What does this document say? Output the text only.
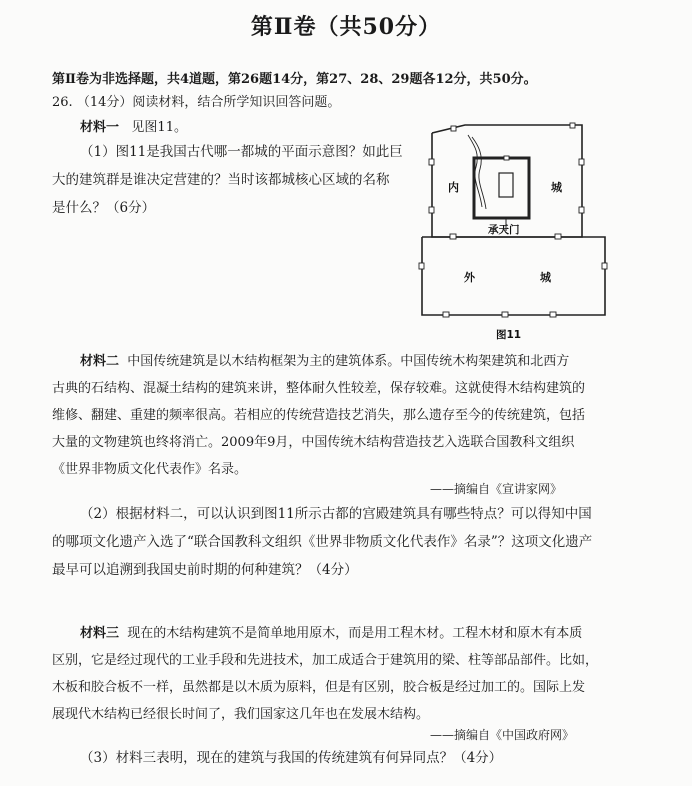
第Ⅱ卷（共50分）
第Ⅱ卷为非选择题，共4道题，第26题14分，第27、28、29题各12分，共50分。
26. （14分）阅读材料，结合所学知识回答问题。
材料一 见图11。
（1）图11是我国古代哪一都城的平面示意图？如此巨
大的建筑群是谁决定营建的？当时该都城核心区域的名称
是什么？（6分）
内	城
承天门
外	城
图11
材料二 中国传统建筑是以木结构框架为主的建筑体系。中国传统木构架建筑和北西方
古典的石结构、混凝土结构的建筑来讲，整体耐久性较差，保存较难。这就使得木结构建筑的
维修、翻建、重建的频率很高。若相应的传统营造技艺消失，那么遗存至今的传统建筑，包括
大量的文物建筑也终将消亡。2009年9月，中国传统木结构营造技艺入选联合国教科文组织
《世界非物质文化代表作》名录。
——摘编自《宣讲家网》
（2）根据材料二，可以认识到图11所示古都的宫殿建筑具有哪些特点？可以得知中国
的哪项文化遗产入选了“联合国教科文组织《世界非物质文化代表作》名录”？这项文化遗产
最早可以追溯到我国史前时期的何种建筑？（4分）
材料三 现在的木结构建筑不是简单地用原木，而是用工程木材。工程木材和原木有本质
区别，它是经过现代的工业手段和先进技术，加工成适合于建筑用的梁、柱等部品部件。比如，
木板和胶合板不一样，虽然都是以木质为原料，但是有区别，胶合板是经过加工的。国际上发
展现代木结构已经很长时间了，我们国家这几年也在发展木结构。
——摘编自《中国政府网》
（3）材料三表明，现在的建筑与我国的传统建筑有何异同点？（4分）
